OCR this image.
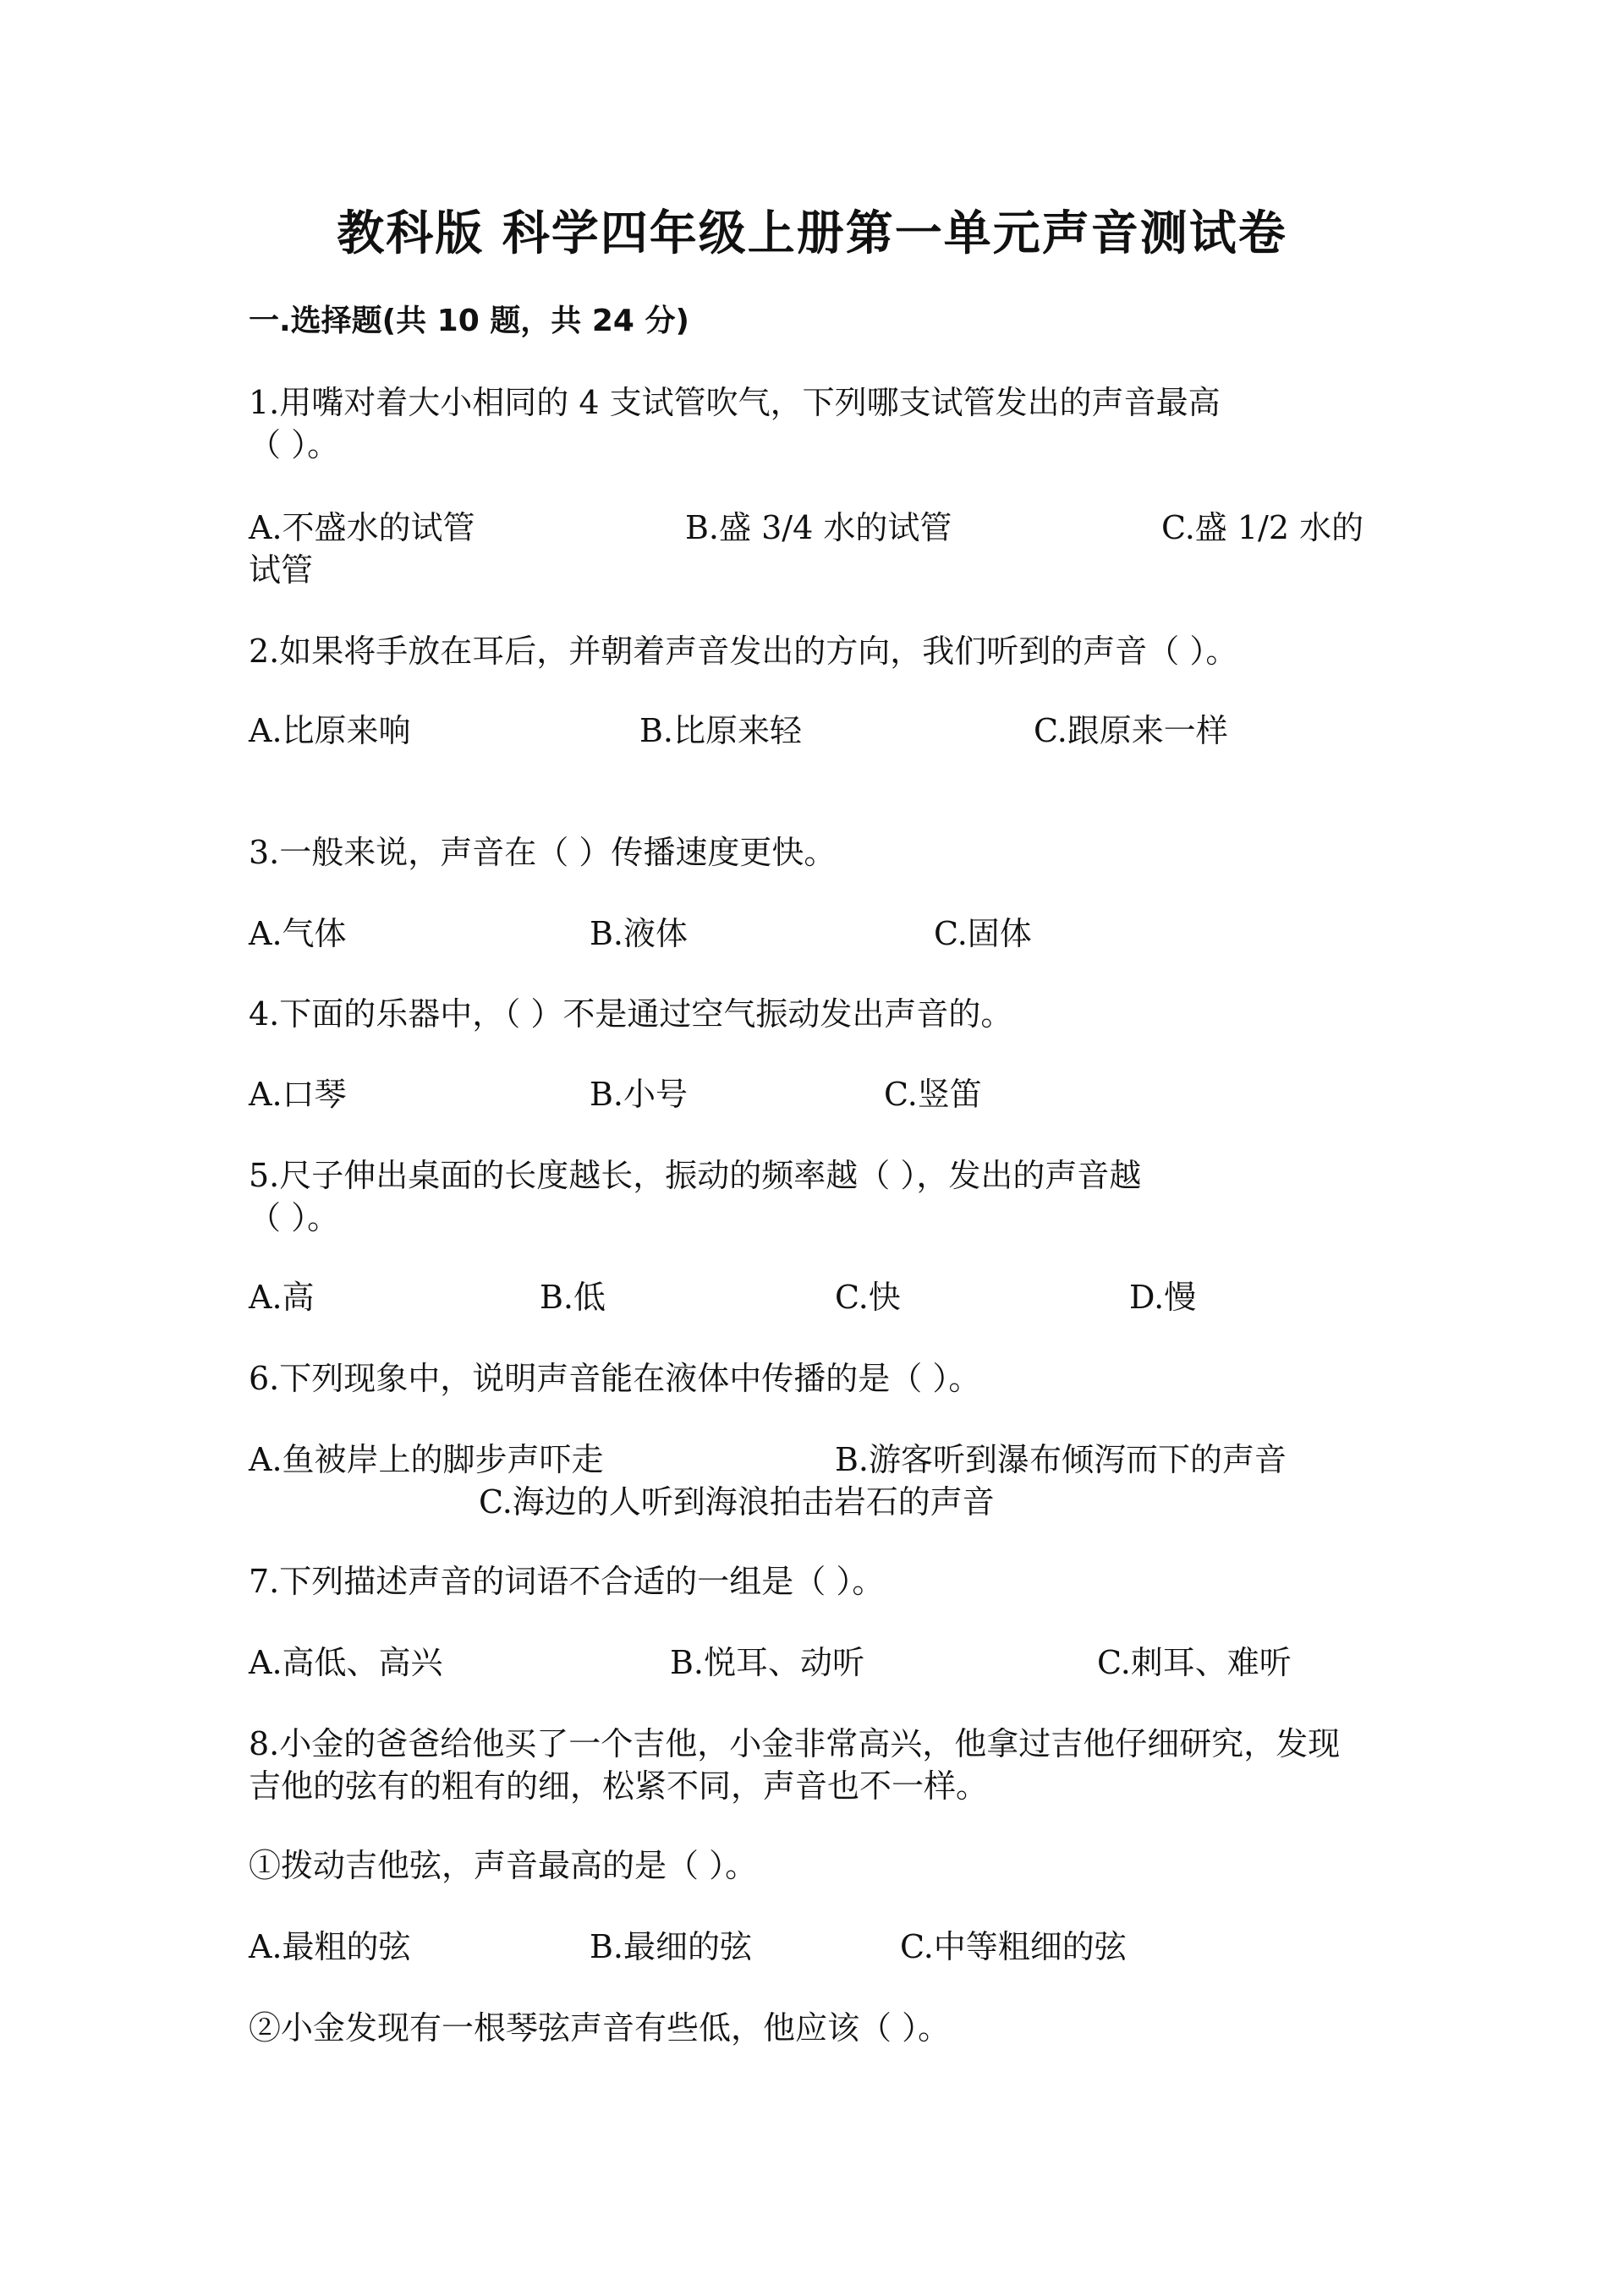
教科版 科学四年级上册第一单元声音测试卷
一.选择题(共 10 题，共 24 分)
1.用嘴对着大小相同的 4 支试管吹气，下列哪支试管发出的声音最高
（ ）。
A.不盛水的试管	B.盛 3/4 水的试管	C.盛 1/2 水的
试管
2.如果将手放在耳后，并朝着声音发出的方向，我们听到的声音（ ）。
A.比原来响	B.比原来轻	C.跟原来一样
3.一般来说，声音在（ ）传播速度更快。
A.气体	B.液体	C.固体
4.下面的乐器中，（ ）不是通过空气振动发出声音的。
A.口琴	B.小号	C.竖笛
5.尺子伸出桌面的长度越长，振动的频率越（ ），发出的声音越
（ ）。
A.高	B.低	C.快	D.慢
6.下列现象中，说明声音能在液体中传播的是（ ）。
A.鱼被岸上的脚步声吓走	B.游客听到瀑布倾泻而下的声音
C.海边的人听到海浪拍击岩石的声音
7.下列描述声音的词语不合适的一组是（ ）。
A.高低、高兴	B.悦耳、动听	C.刺耳、难听
8.小金的爸爸给他买了一个吉他，小金非常高兴，他拿过吉他仔细研究，发现
吉他的弦有的粗有的细，松紧不同，声音也不一样。
①拨动吉他弦，声音最高的是（ ）。
A.最粗的弦	B.最细的弦	C.中等粗细的弦
②小金发现有一根琴弦声音有些低，他应该（ ）。
